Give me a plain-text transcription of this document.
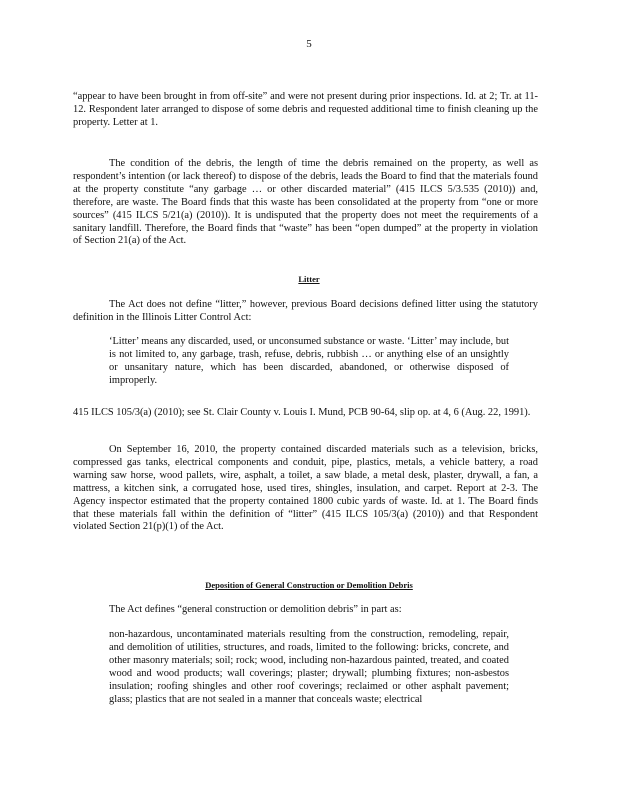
5

“appear to have been brought in from off-site” and were not present during prior inspections. Id. at 2; Tr. at 11-12. Respondent later arranged to dispose of some debris and requested additional time to finish cleaning up the property. Letter at 1.

The condition of the debris, the length of time the debris remained on the property, as well as respondent’s intention (or lack thereof) to dispose of the debris, leads the Board to find that the materials found at the property constitute “any garbage … or other discarded material” (415 ILCS 5/3.535 (2010)) and, therefore, are waste. The Board finds that this waste has been consolidated at the property from “one or more sources” (415 ILCS 5/21(a) (2010)). It is undisputed that the property does not meet the requirements of a sanitary landfill. Therefore, the Board finds that “waste” has been “open dumped” at the property in violation of Section 21(a) of the Act.

Litter

The Act does not define “litter,” however, previous Board decisions defined litter using the statutory definition in the Illinois Litter Control Act:

‘Litter’ means any discarded, used, or unconsumed substance or waste. ‘Litter’ may include, but is not limited to, any garbage, trash, refuse, debris, rubbish … or anything else of an unsightly or unsanitary nature, which has been discarded, abandoned, or otherwise disposed of improperly.

415 ILCS 105/3(a) (2010); see St. Clair County v. Louis I. Mund, PCB 90-64, slip op. at 4, 6 (Aug. 22, 1991).

On September 16, 2010, the property contained discarded materials such as a television, bricks, compressed gas tanks, electrical components and conduit, pipe, plastics, metals, a vehicle battery, a road warning saw horse, wood pallets, wire, asphalt, a toilet, a saw blade, a metal desk, plaster, drywall, a fan, a mattress, a kitchen sink, a corrugated hose, used tires, shingles, insulation, and carpet. Report at 2-3. The Agency inspector estimated that the property contained 1800 cubic yards of waste. Id. at 1. The Board finds that these materials fall within the definition of “litter” (415 ILCS 105/3(a) (2010)) and that Respondent violated Section 21(p)(1) of the Act.

Deposition of General Construction or Demolition Debris

The Act defines “general construction or demolition debris” in part as:

non-hazardous, uncontaminated materials resulting from the construction, remodeling, repair, and demolition of utilities, structures, and roads, limited to the following: bricks, concrete, and other masonry materials; soil; rock; wood, including non-hazardous painted, treated, and coated wood and wood products; wall coverings; plaster; drywall; plumbing fixtures; non-asbestos insulation; roofing shingles and other roof coverings; reclaimed or other asphalt pavement; glass; plastics that are not sealed in a manner that conceals waste; electrical
